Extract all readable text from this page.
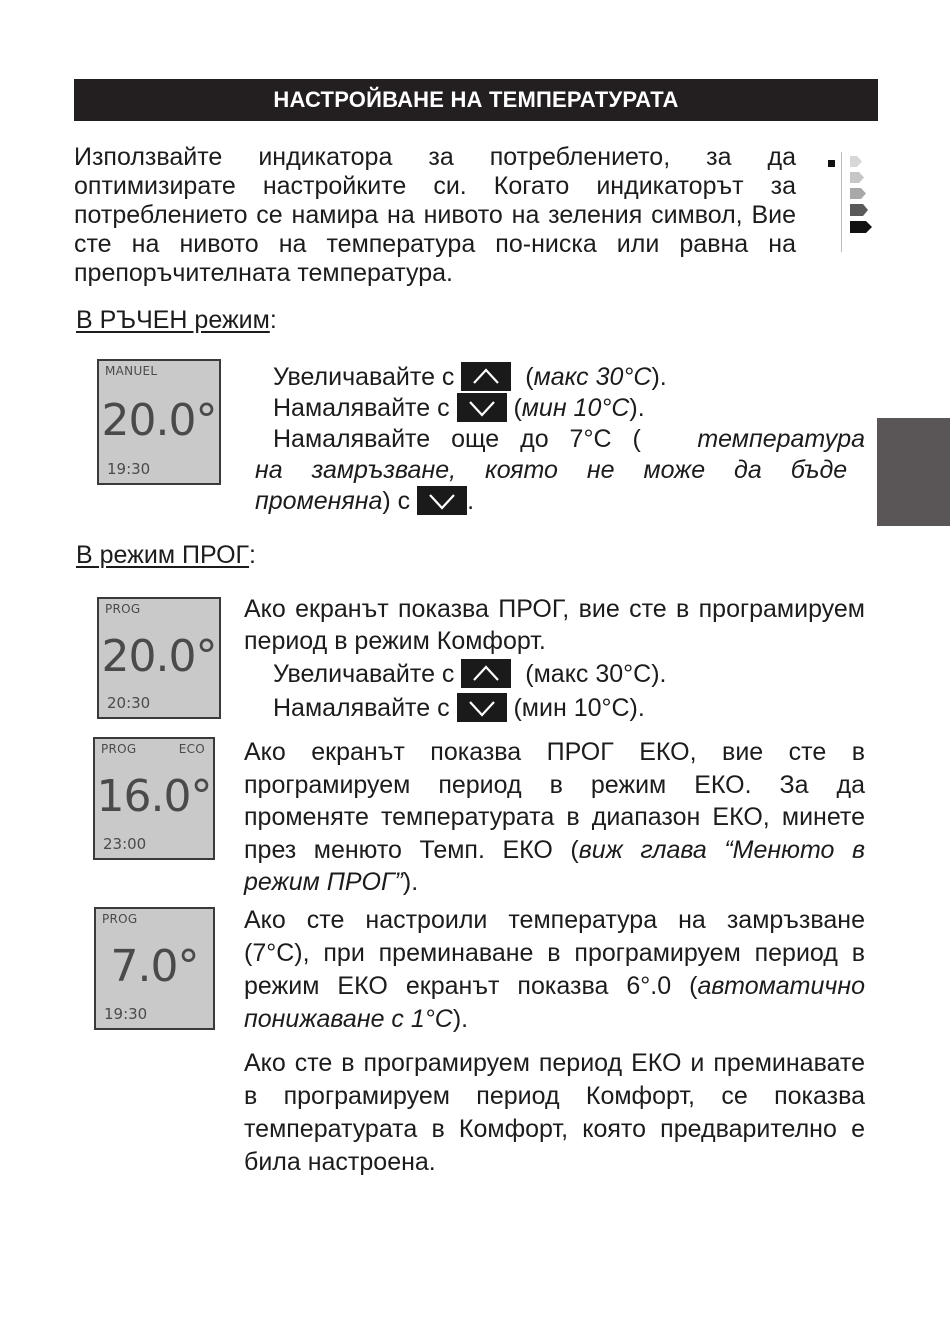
НАСТРОЙВАНЕ НА ТЕМПЕРАТУРАТА

Използвайте индикатора за потреблението, за да оптимизирате настройките си. Когато индикаторът за потреблението се намира на нивото на зеления символ, Вие сте на нивото на температура по-ниска или равна на препоръчителната температура.

В РЪЧЕН режим:
MANUEL
20.0°
19:30
Увеличавайте с
(макс 30°C).
Намалявайте с
(мин 10°C).
Намалявайте още до 7°C ( температура
на замръзване, която не може да бъде
променяна) с .
В режим ПРОГ:
PROG
20.0°
20:30
Ако екранът показва ПРОГ, вие сте в програмируем период в режим Комфорт.
Увеличавайте с	(макс 30°C).
Намалявайте с	(мин 10°C).
PROG	ECO
16.0°
23:00

Ако екранът показва ПРОГ ЕКО, вие сте в програмируем период в режим ЕКО. За да променяте температурата в диапазон ЕКО, минете през менюто Темп. ЕКО (виж глава “Менюто в режим ПРОГ”).

PROG
7.0°
19:30

Ако сте настроили температура на замръзване (7°C), при преминаване в програмируем период в режим ЕКО екранът показва 6°.0 (автоматично понижаване с 1°C).

Ако сте в програмируем период ЕКО и преминавате в програмируем период Комфорт, се показва температурата в Комфорт, която предварително е била настроена.
